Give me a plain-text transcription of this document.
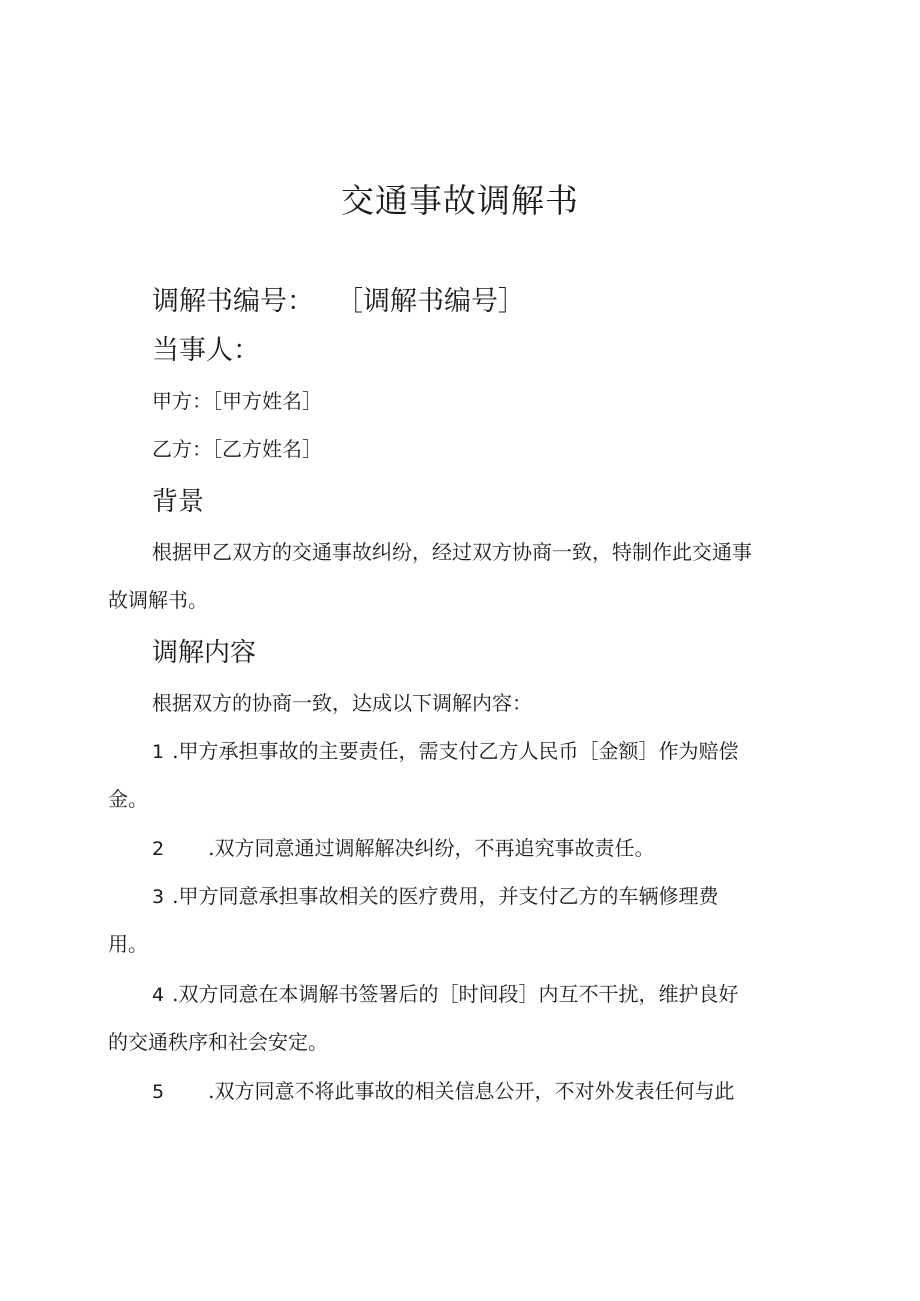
交通事故调解书
调解书编号： ［调解书编号］
当事人：
甲方：［甲方姓名］
乙方：［乙方姓名］
背景
根据甲乙双方的交通事故纠纷，经过双方协商一致，特制作此交通事
故调解书。
调解内容
根据双方的协商一致，达成以下调解内容：
1 .甲方承担事故的主要责任，需支付乙方人民币［金额］作为赔偿
金。
2 .双方同意通过调解解决纠纷，不再追究事故责任。
3 .甲方同意承担事故相关的医疗费用，并支付乙方的车辆修理费
用。
4 .双方同意在本调解书签署后的［时间段］内互不干扰，维护良好
的交通秩序和社会安定。
5 .双方同意不将此事故的相关信息公开，不对外发表任何与此
